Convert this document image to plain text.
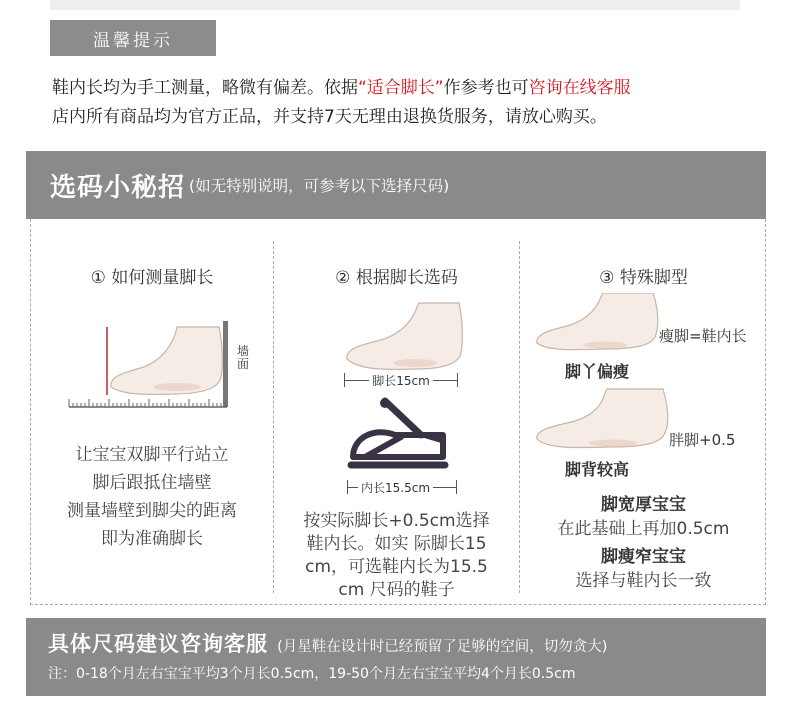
温馨提示
鞋内长均为手工测量，略微有偏差。依据“适合脚长”作参考也可咨询在线客服
店内所有商品均为官方正品，并支持7天无理由退换货服务，请放心购买。
选码小秘招 (如无特别说明，可参考以下选择尺码)
① 如何测量脚长
墙面
让宝宝双脚平行站立
脚后跟抵住墙壁
测量墙壁到脚尖的距离
即为准确脚长
② 根据脚长选码
脚长15cm
内长15.5cm
按实际脚长+0.5cm选择
鞋内长。如实 际脚长15
cm，可选鞋内长为15.5
cm 尺码的鞋子
③ 特殊脚型
瘦脚=鞋内长
脚丫偏瘦
胖脚+0.5
脚背较高
脚宽厚宝宝
在此基础上再加0.5cm
脚瘦窄宝宝
选择与鞋内长一致
具体尺码建议咨询客服 (月星鞋在设计时已经预留了足够的空间，切勿贪大)
注：0-18个月左右宝宝平均3个月长0.5cm，19-50个月左右宝宝平均4个月长0.5cm
